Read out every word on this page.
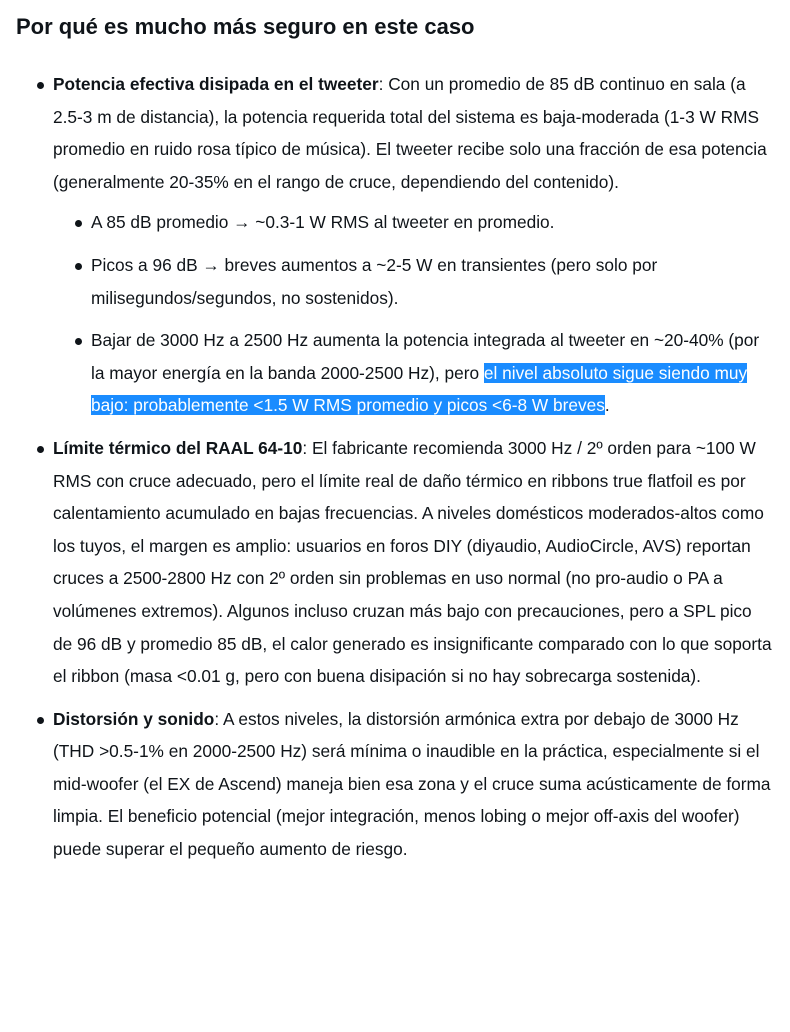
Por qué es mucho más seguro en este caso
Potencia efectiva disipada en el tweeter: Con un promedio de 85 dB continuo en sala (a 2.5-3 m de distancia), la potencia requerida total del sistema es baja-moderada (1-3 W RMS promedio en ruido rosa típico de música). El tweeter recibe solo una fracción de esa potencia (generalmente 20-35% en el rango de cruce, dependiendo del contenido).
A 85 dB promedio → ~0.3-1 W RMS al tweeter en promedio.
Picos a 96 dB → breves aumentos a ~2-5 W en transientes (pero solo por milisegundos/segundos, no sostenidos).
Bajar de 3000 Hz a 2500 Hz aumenta la potencia integrada al tweeter en ~20-40% (por la mayor energía en la banda 2000-2500 Hz), pero el nivel absoluto sigue siendo muy bajo: probablemente <1.5 W RMS promedio y picos <6-8 W breves.
Límite térmico del RAAL 64-10: El fabricante recomienda 3000 Hz / 2º orden para ~100 W RMS con cruce adecuado, pero el límite real de daño térmico en ribbons true flatfoil es por calentamiento acumulado en bajas frecuencias. A niveles domésticos moderados-altos como los tuyos, el margen es amplio: usuarios en foros DIY (diyaudio, AudioCircle, AVS) reportan cruces a 2500-2800 Hz con 2º orden sin problemas en uso normal (no pro-audio o PA a volúmenes extremos). Algunos incluso cruzan más bajo con precauciones, pero a SPL pico de 96 dB y promedio 85 dB, el calor generado es insignificante comparado con lo que soporta el ribbon (masa <0.01 g, pero con buena disipación si no hay sobrecarga sostenida).
Distorsión y sonido: A estos niveles, la distorsión armónica extra por debajo de 3000 Hz (THD >0.5-1% en 2000-2500 Hz) será mínima o inaudible en la práctica, especialmente si el mid-woofer (el EX de Ascend) maneja bien esa zona y el cruce suma acústicamente de forma limpia. El beneficio potencial (mejor integración, menos lobing o mejor off-axis del woofer) puede superar el pequeño aumento de riesgo.
